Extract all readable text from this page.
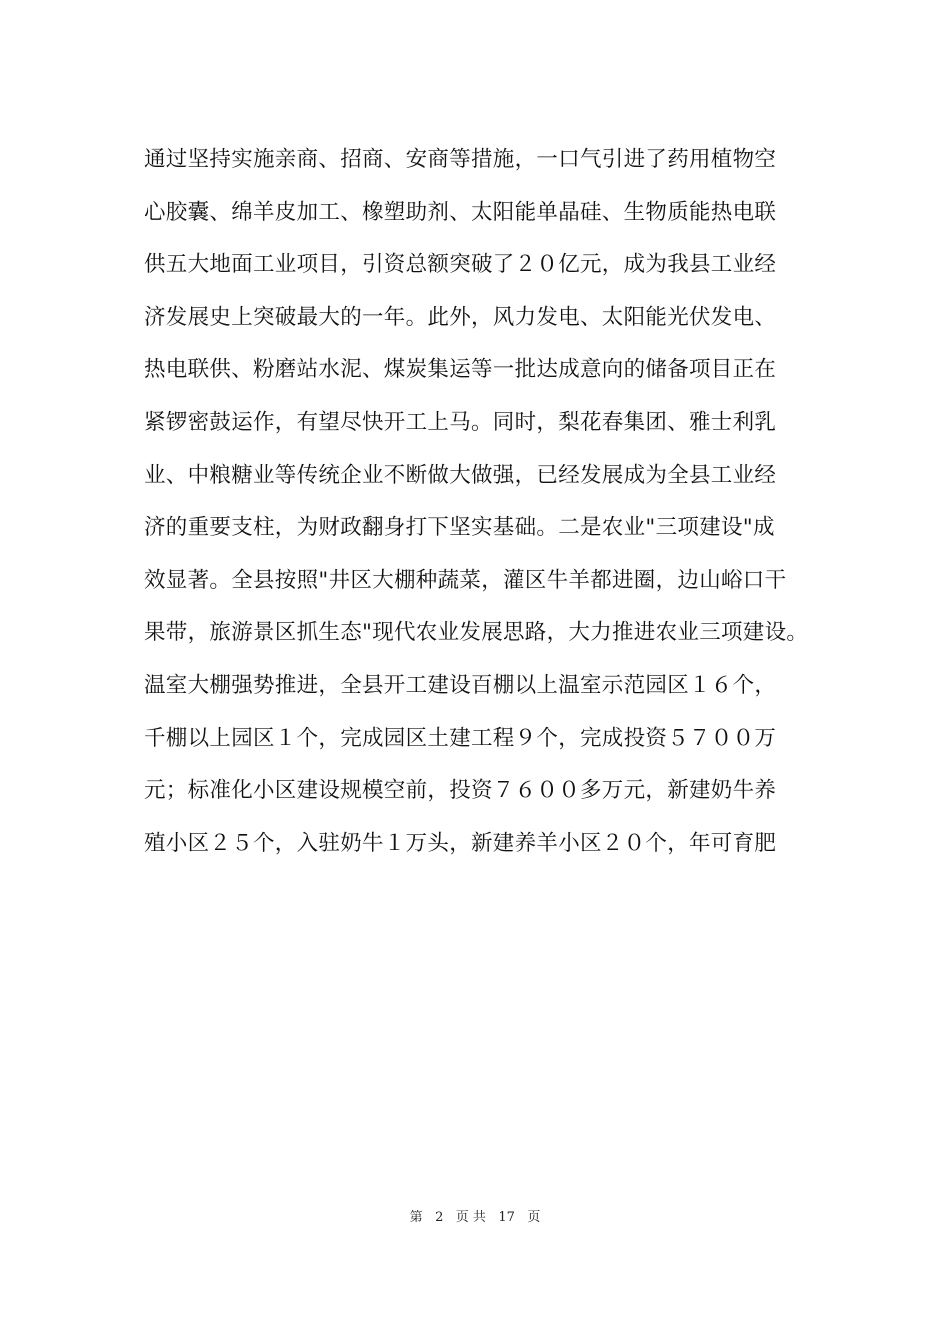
通过坚持实施亲商、招商、安商等措施，一口气引进了药用植物空
心胶囊、绵羊皮加工、橡塑助剂、太阳能单晶硅、生物质能热电联
供五大地面工业项目，引资总额突破了２０亿元，成为我县工业经
济发展史上突破最大的一年。此外，风力发电、太阳能光伏发电、
热电联供、粉磨站水泥、煤炭集运等一批达成意向的储备项目正在
紧锣密鼓运作，有望尽快开工上马。同时，梨花春集团、雅士利乳
业、中粮糖业等传统企业不断做大做强，已经发展成为全县工业经
济的重要支柱，为财政翻身打下坚实基础。二是农业"三项建设"成
效显著。全县按照"井区大棚种蔬菜，灌区牛羊都进圈，边山峪口干
果带，旅游景区抓生态"现代农业发展思路，大力推进农业三项建设。
温室大棚强势推进，全县开工建设百棚以上温室示范园区１６个，
千棚以上园区１个，完成园区土建工程９个，完成投资５７００万
元；标准化小区建设规模空前，投资７６００多万元，新建奶牛养
殖小区２５个，入驻奶牛１万头，新建养羊小区２０个，年可育肥
第 2 页 共 17 页
